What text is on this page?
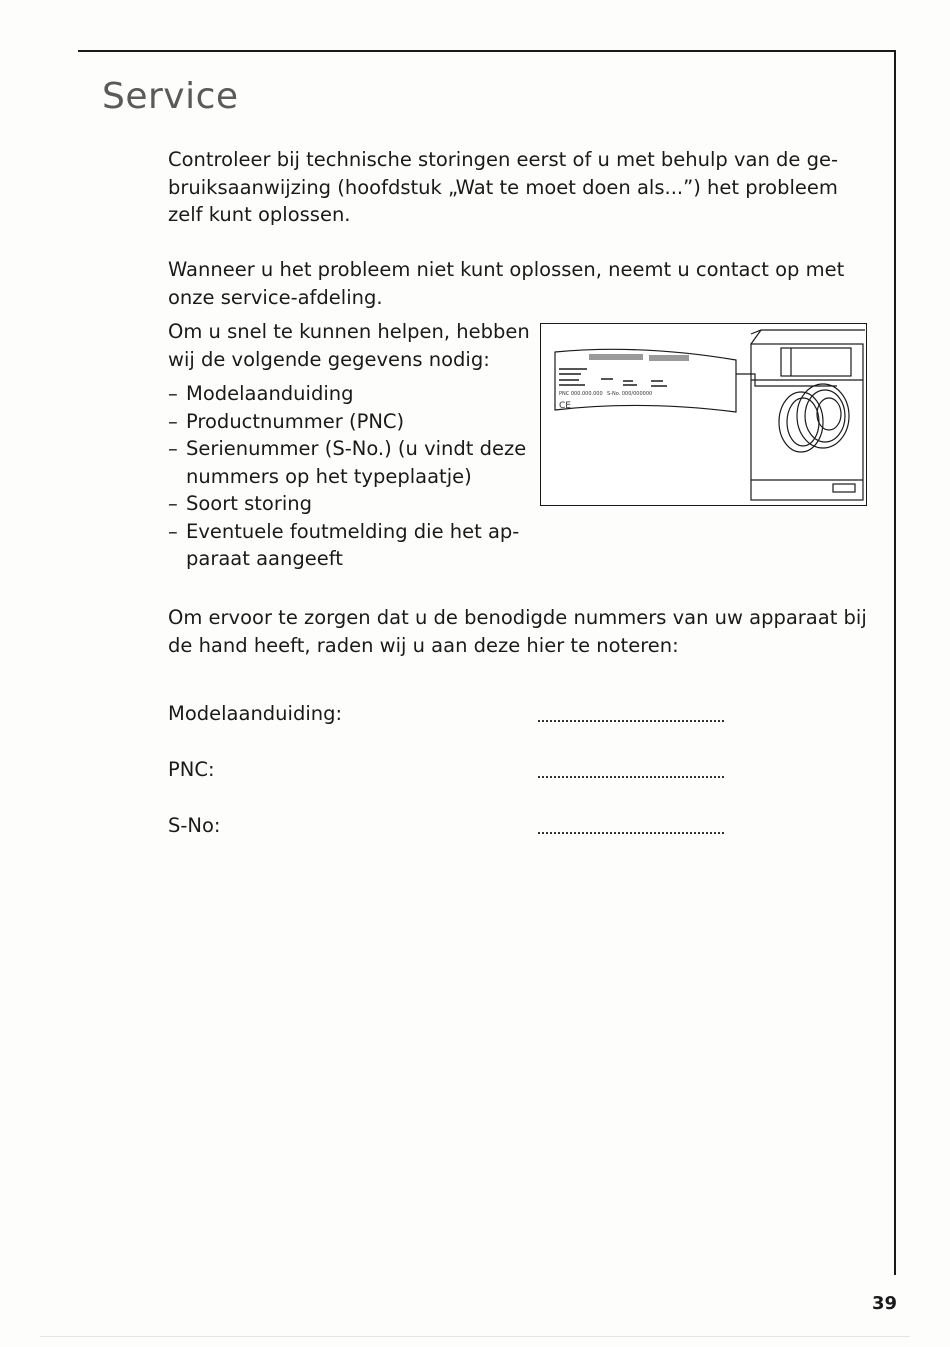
Service

Controleer bij technische storingen eerst of u met behulp van de ge-bruiksaanwijzing (hoofdstuk „Wat te moet doen als...”) het probleem zelf kunt oplossen.

Wanneer u het probleem niet kunt oplossen, neemt u contact op met onze service-afdeling.

Om u snel te kunnen helpen, hebben wij de volgende gegevens nodig:

– Modelaanduiding
– Productnummer (PNC)
– Serienummer (S-No.) (u vindt deze nummers op het typeplaatje)
– Soort storing
– Eventuele foutmelding die het ap-paraat aangeeft
PNC 000.000.000 S-No. 000/000000
CE

Om ervoor te zorgen dat u de benodigde nummers van uw apparaat bij de hand heeft, raden wij u aan deze hier te noteren:

Modelaanduiding:
PNC:
S-No:
39
